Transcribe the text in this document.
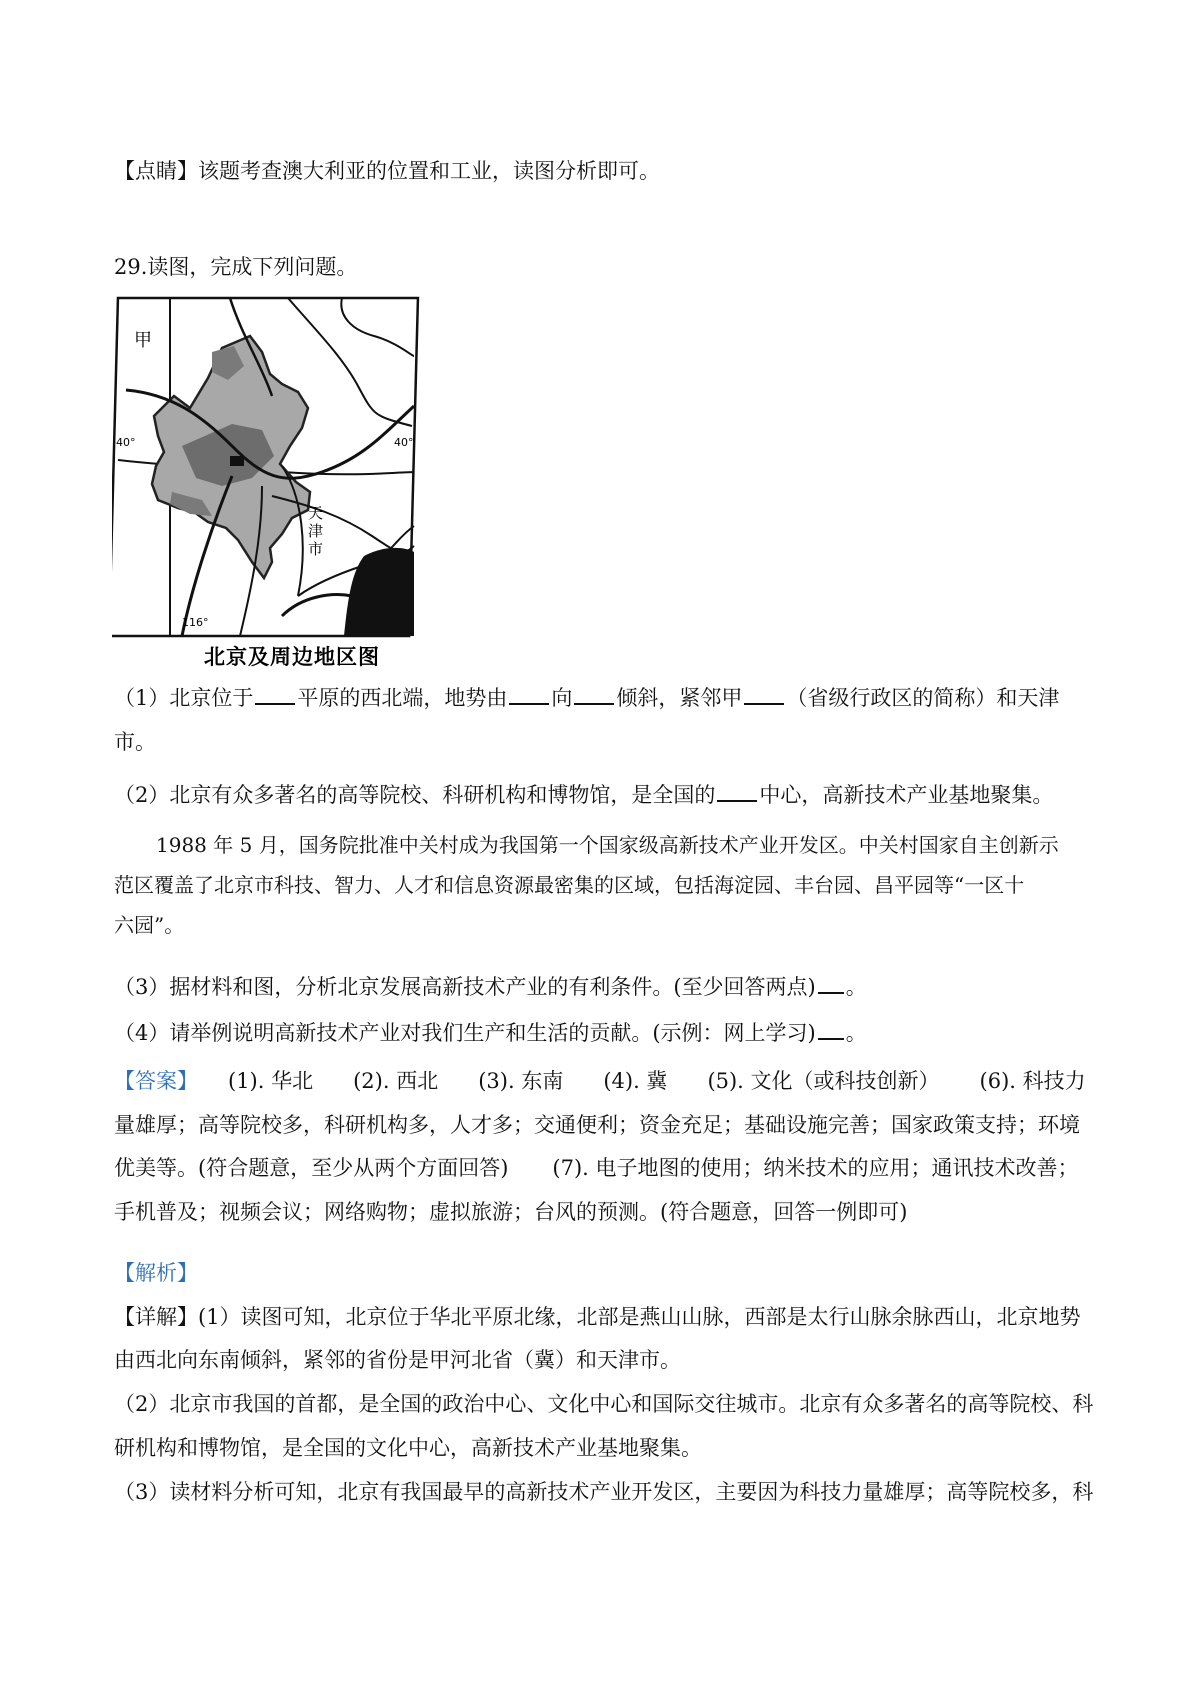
【点睛】该题考查澳大利亚的位置和工业，读图分析即可。
29.读图，完成下列问题。
甲
40°	40°
116°
天 津 市
北京及周边地区图
（1）北京位于 平原的西北端，地势由 向 倾斜，紧邻甲 （省级行政区的简称）和天津
市。
（2）北京有众多著名的高等院校、科研机构和博物馆，是全国的 中心，高新技术产业基地聚集。
1988 年 5 月，国务院批准中关村成为我国第一个国家级高新技术产业开发区。中关村国家自主创新示
范区覆盖了北京市科技、智力、人才和信息资源最密集的区域，包括海淀园、丰台园、昌平园等“一区十
六园”。
（3）据材料和图，分析北京发展高新技术产业的有利条件。(至少回答两点) 。
（4）请举例说明高新技术产业对我们生产和生活的贡献。(示例：网上学习) 。
【答案】 (1). 华北 (2). 西北 (3). 东南 (4). 冀 (5). 文化（或科技创新） (6). 科技力
量雄厚；高等院校多，科研机构多，人才多；交通便利；资金充足；基础设施完善；国家政策支持；环境
优美等。(符合题意，至少从两个方面回答) (7). 电子地图的使用；纳米技术的应用；通讯技术改善；
手机普及；视频会议；网络购物；虚拟旅游；台风的预测。(符合题意，回答一例即可)
【解析】
【详解】(1）读图可知，北京位于华北平原北缘，北部是燕山山脉，西部是太行山脉余脉西山，北京地势
由西北向东南倾斜，紧邻的省份是甲河北省（冀）和天津市。
（2）北京市我国的首都，是全国的政治中心、文化中心和国际交往城市。北京有众多著名的高等院校、科
研机构和博物馆，是全国的文化中心，高新技术产业基地聚集。
（3）读材料分析可知，北京有我国最早的高新技术产业开发区，主要因为科技力量雄厚；高等院校多，科
